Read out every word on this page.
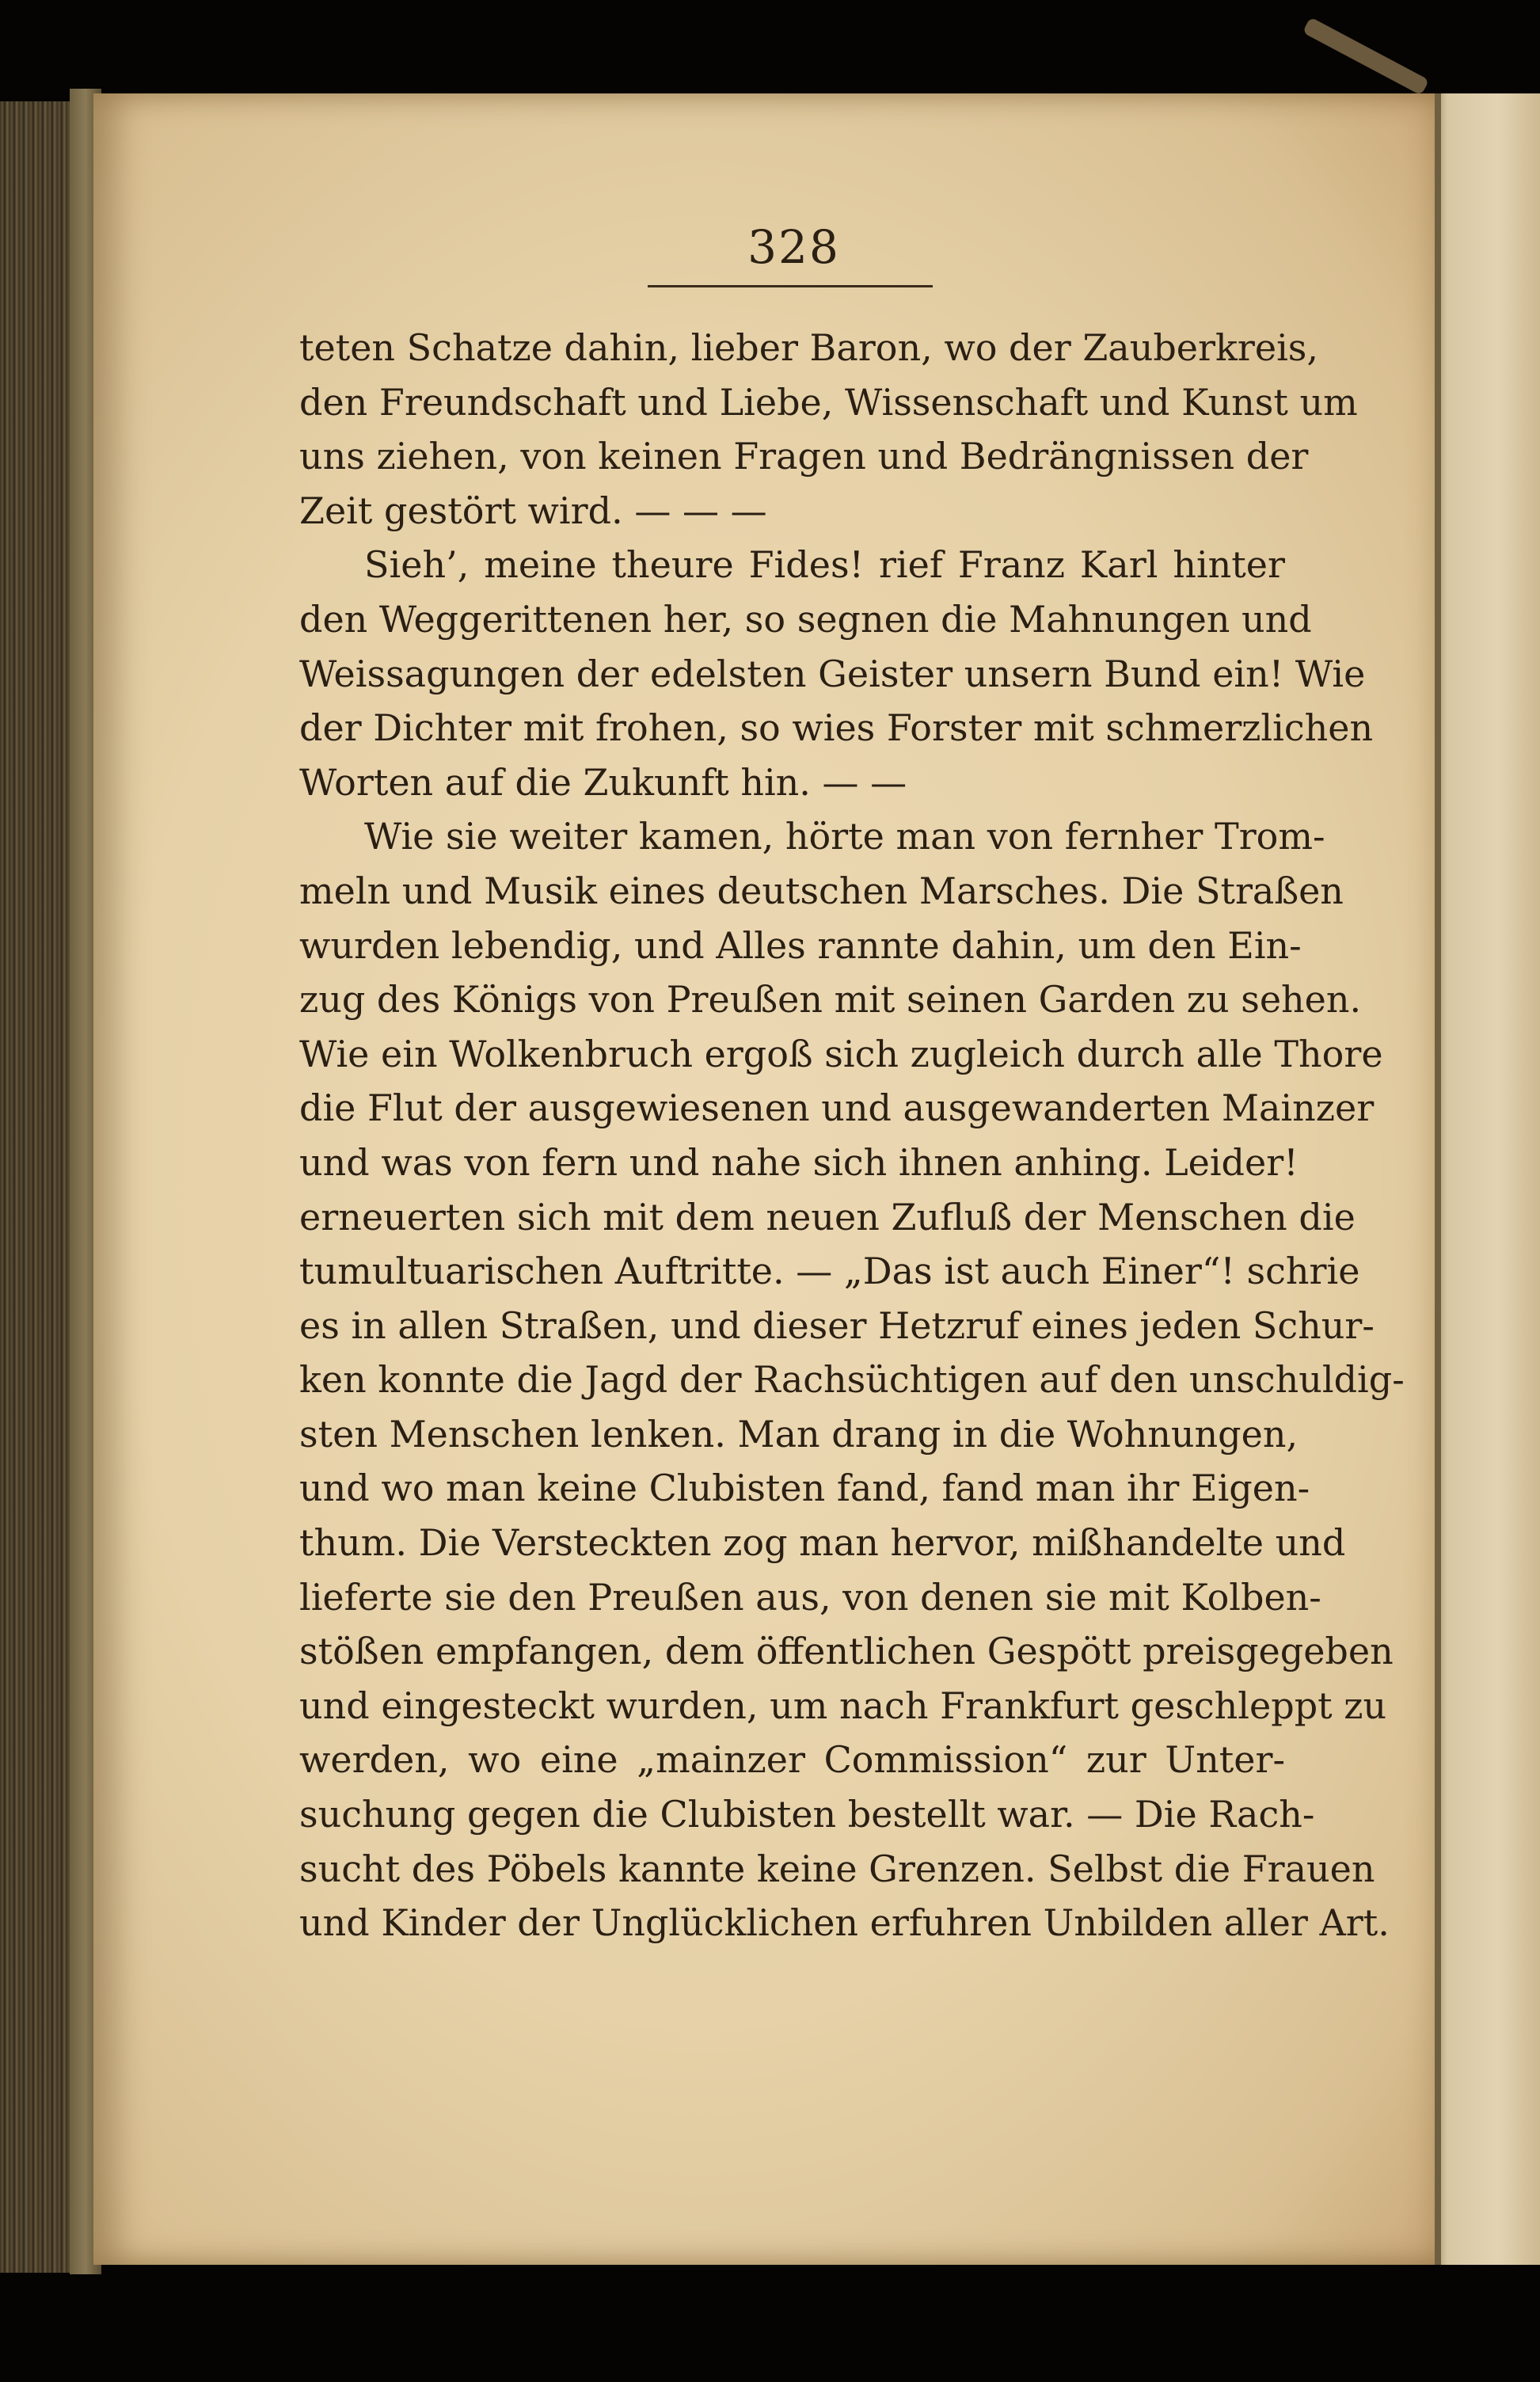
328
teten Schatze dahin, lieber Baron, wo der Zauberkreis,
den Freundschaft und Liebe, Wissenschaft und Kunst um
uns ziehen, von keinen Fragen und Bedrängnissen der
Zeit gestört wird. — — —
Sieh’, meine theure Fides! rief Franz Karl hinter
den Weggerittenen her, so segnen die Mahnungen und
Weissagungen der edelsten Geister unsern Bund ein! Wie
der Dichter mit frohen, so wies Forster mit schmerzlichen
Worten auf die Zukunft hin. — —
Wie sie weiter kamen, hörte man von fernher Trom-
meln und Musik eines deutschen Marsches. Die Straßen
wurden lebendig, und Alles rannte dahin, um den Ein-
zug des Königs von Preußen mit seinen Garden zu sehen.
Wie ein Wolkenbruch ergoß sich zugleich durch alle Thore
die Flut der ausgewiesenen und ausgewanderten Mainzer
und was von fern und nahe sich ihnen anhing. Leider!
erneuerten sich mit dem neuen Zufluß der Menschen die
tumultuarischen Auftritte. — „Das ist auch Einer“! schrie
es in allen Straßen, und dieser Hetzruf eines jeden Schur-
ken konnte die Jagd der Rachsüchtigen auf den unschuldig-
sten Menschen lenken. Man drang in die Wohnungen,
und wo man keine Clubisten fand, fand man ihr Eigen-
thum. Die Versteckten zog man hervor, mißhandelte und
lieferte sie den Preußen aus, von denen sie mit Kolben-
stößen empfangen, dem öffentlichen Gespött preisgegeben
und eingesteckt wurden, um nach Frankfurt geschleppt zu
werden, wo eine „mainzer Commission“ zur Unter-
suchung gegen die Clubisten bestellt war. — Die Rach-
sucht des Pöbels kannte keine Grenzen. Selbst die Frauen
und Kinder der Unglücklichen erfuhren Unbilden aller Art.
